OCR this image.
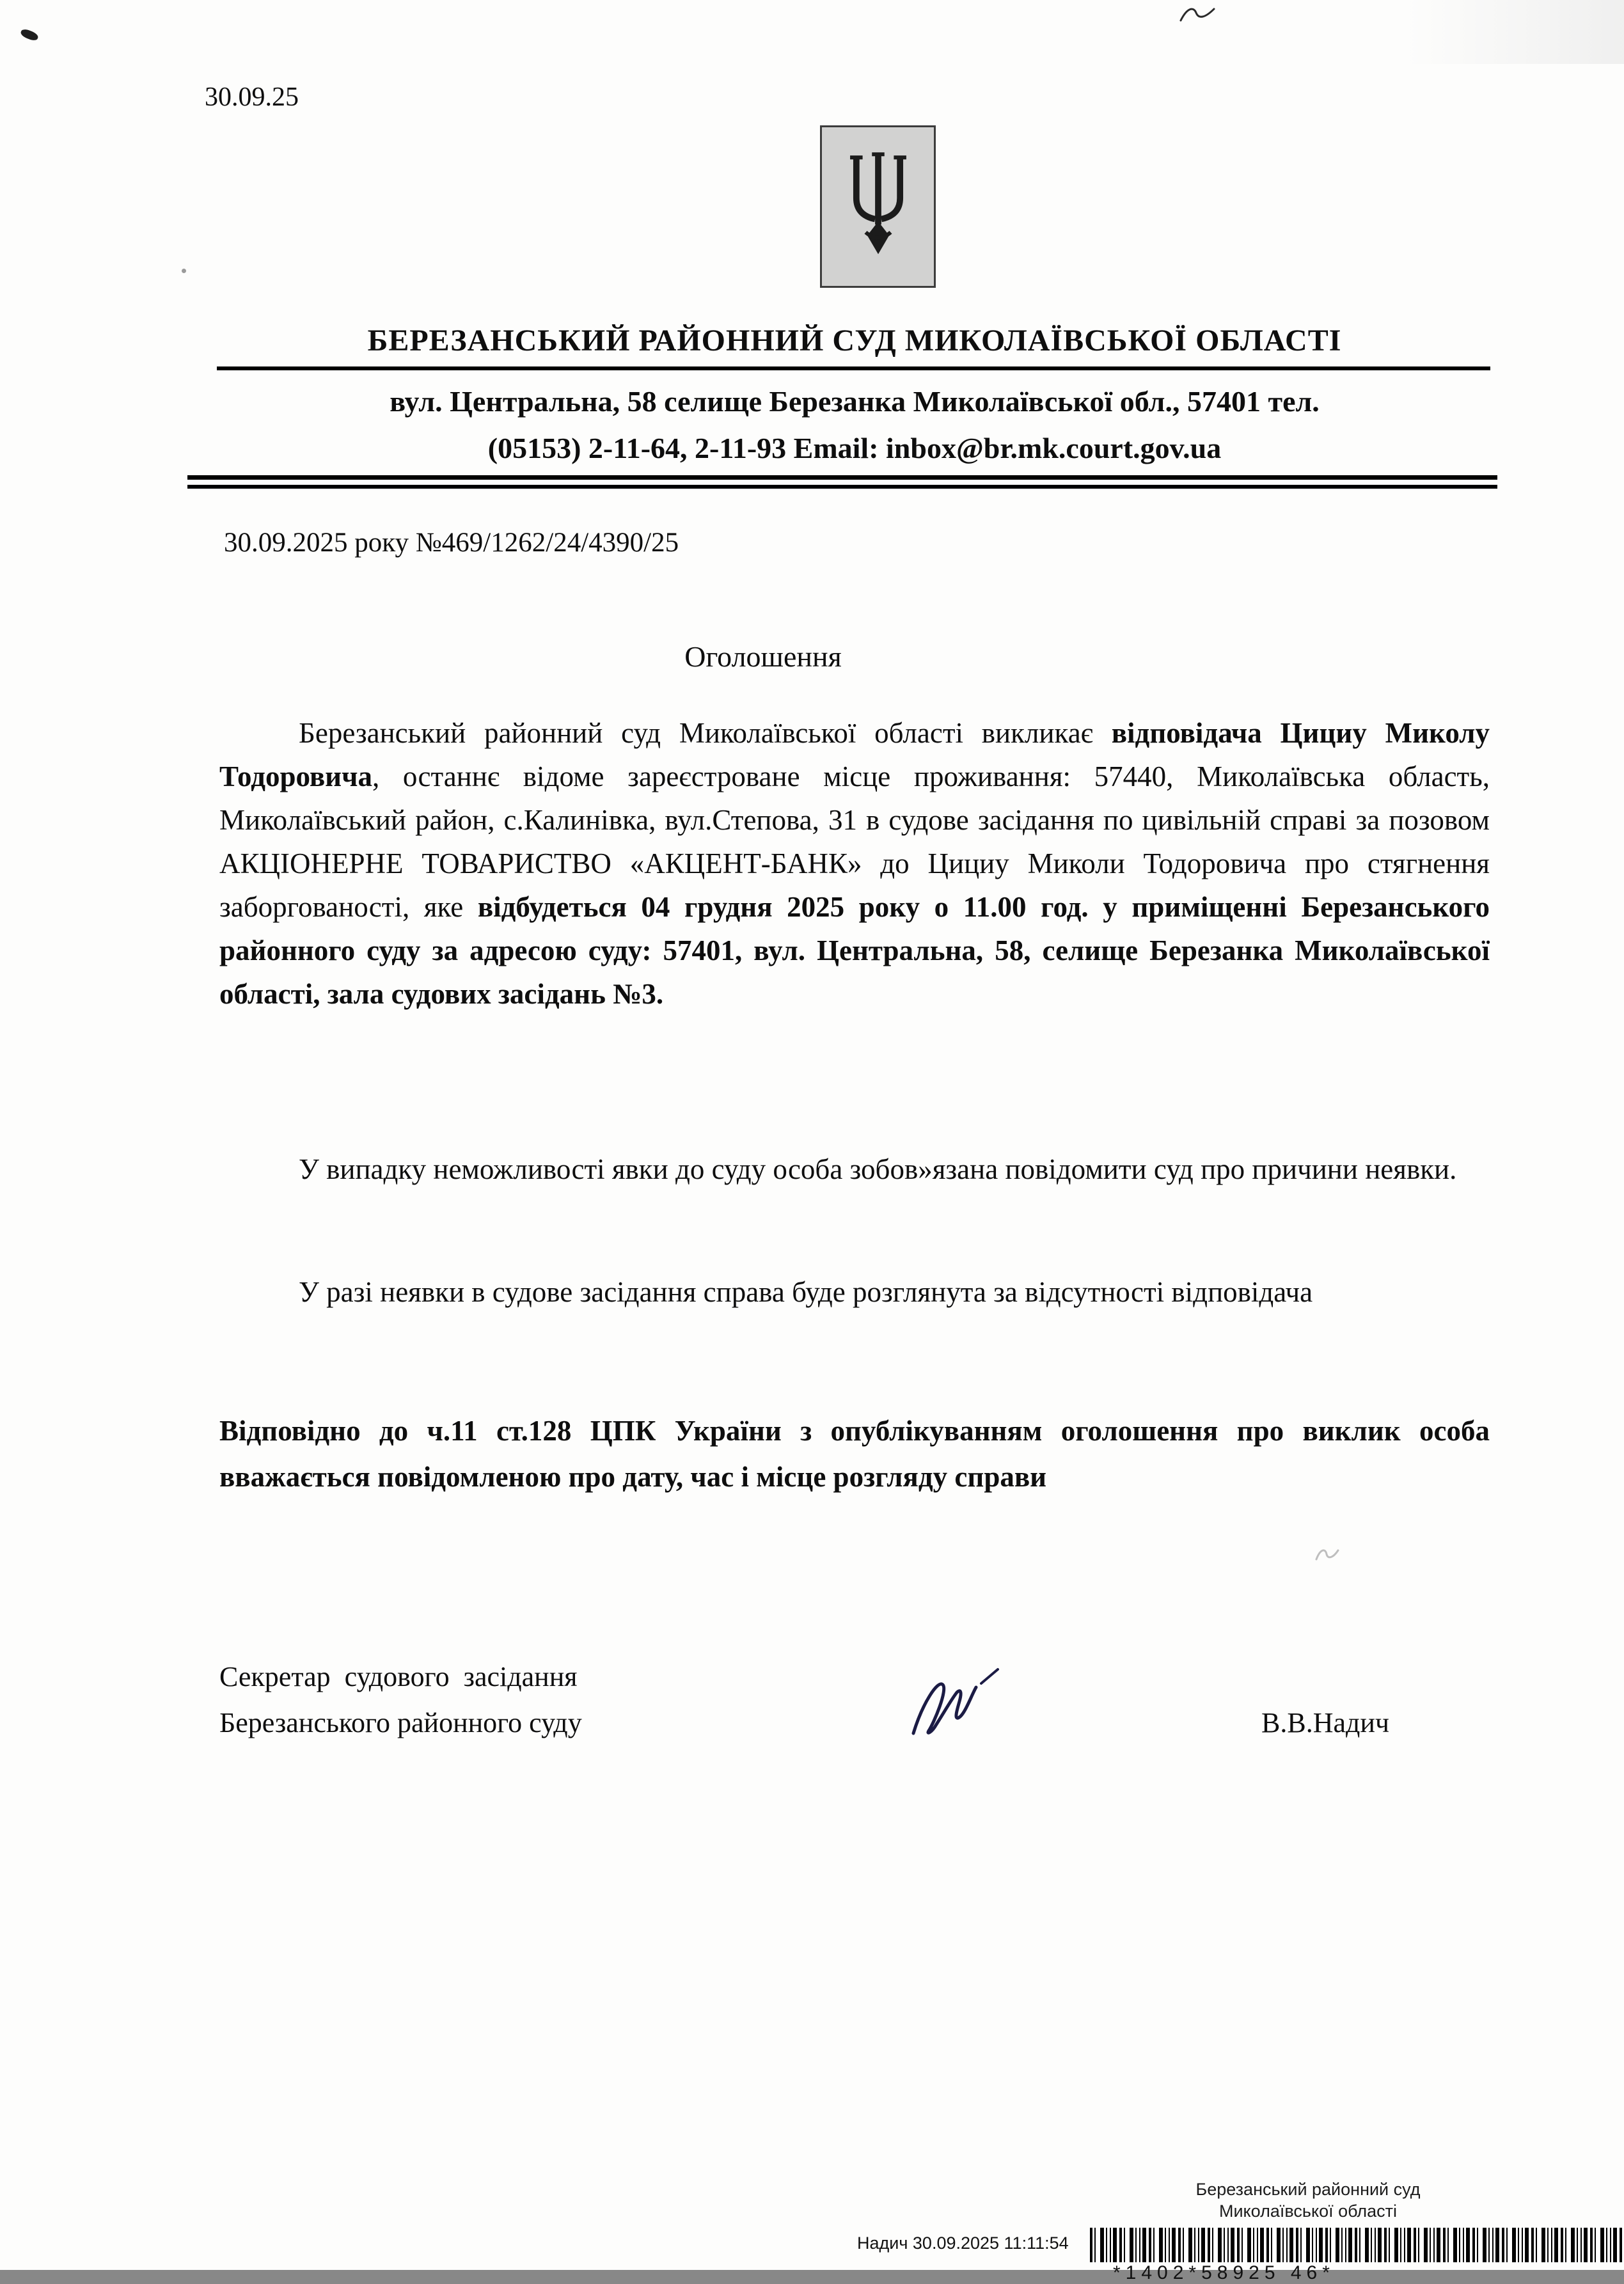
30.09.25
БЕРЕЗАНСЬКИЙ РАЙОННИЙ СУД МИКОЛАЇВСЬКОЇ ОБЛАСТІ
вул. Центральна, 58 селище Березанка Миколаївської обл., 57401 тел.
(05153) 2-11-64, 2-11-93 Email: inbox@br.mk.court.gov.ua
30.09.2025 року №469/1262/24/4390/25
Оголошення
Березанський районний суд Миколаївської області викликає відповідача Цициу Миколу Тодоровича, останнє відоме зареєстроване місце проживання: 57440, Миколаївська область, Миколаївський район, с.Калинівка, вул.Степова, 31 в судове засідання по цивільній справі за позовом АКЦІОНЕРНЕ ТОВАРИСТВО «АКЦЕНТ-БАНК» до Цициу Миколи Тодоровича про стягнення заборгованості, яке відбудеться 04 грудня 2025 року о 11.00 год. у приміщенні Березанського районного суду за адресою суду: 57401, вул. Центральна, 58, селище Березанка Миколаївської області, зала судових засідань №3.
У випадку неможливості явки до суду особа зобов»язана повідомити суд про причини неявки.
У разі неявки в судове засідання справа буде розглянута за відсутності відповідача
Відповідно до ч.11 ст.128 ЦПК України з опублікуванням оголошення про виклик особа вважається повідомленою про дату, час і місце розгляду справи
Секретар  судового  засідання
Березанського районного суду	В.В.Надич
Березанський районний суд
Миколаївської області
Надич 30.09.2025 11:11:54
*1402*58925 46*
